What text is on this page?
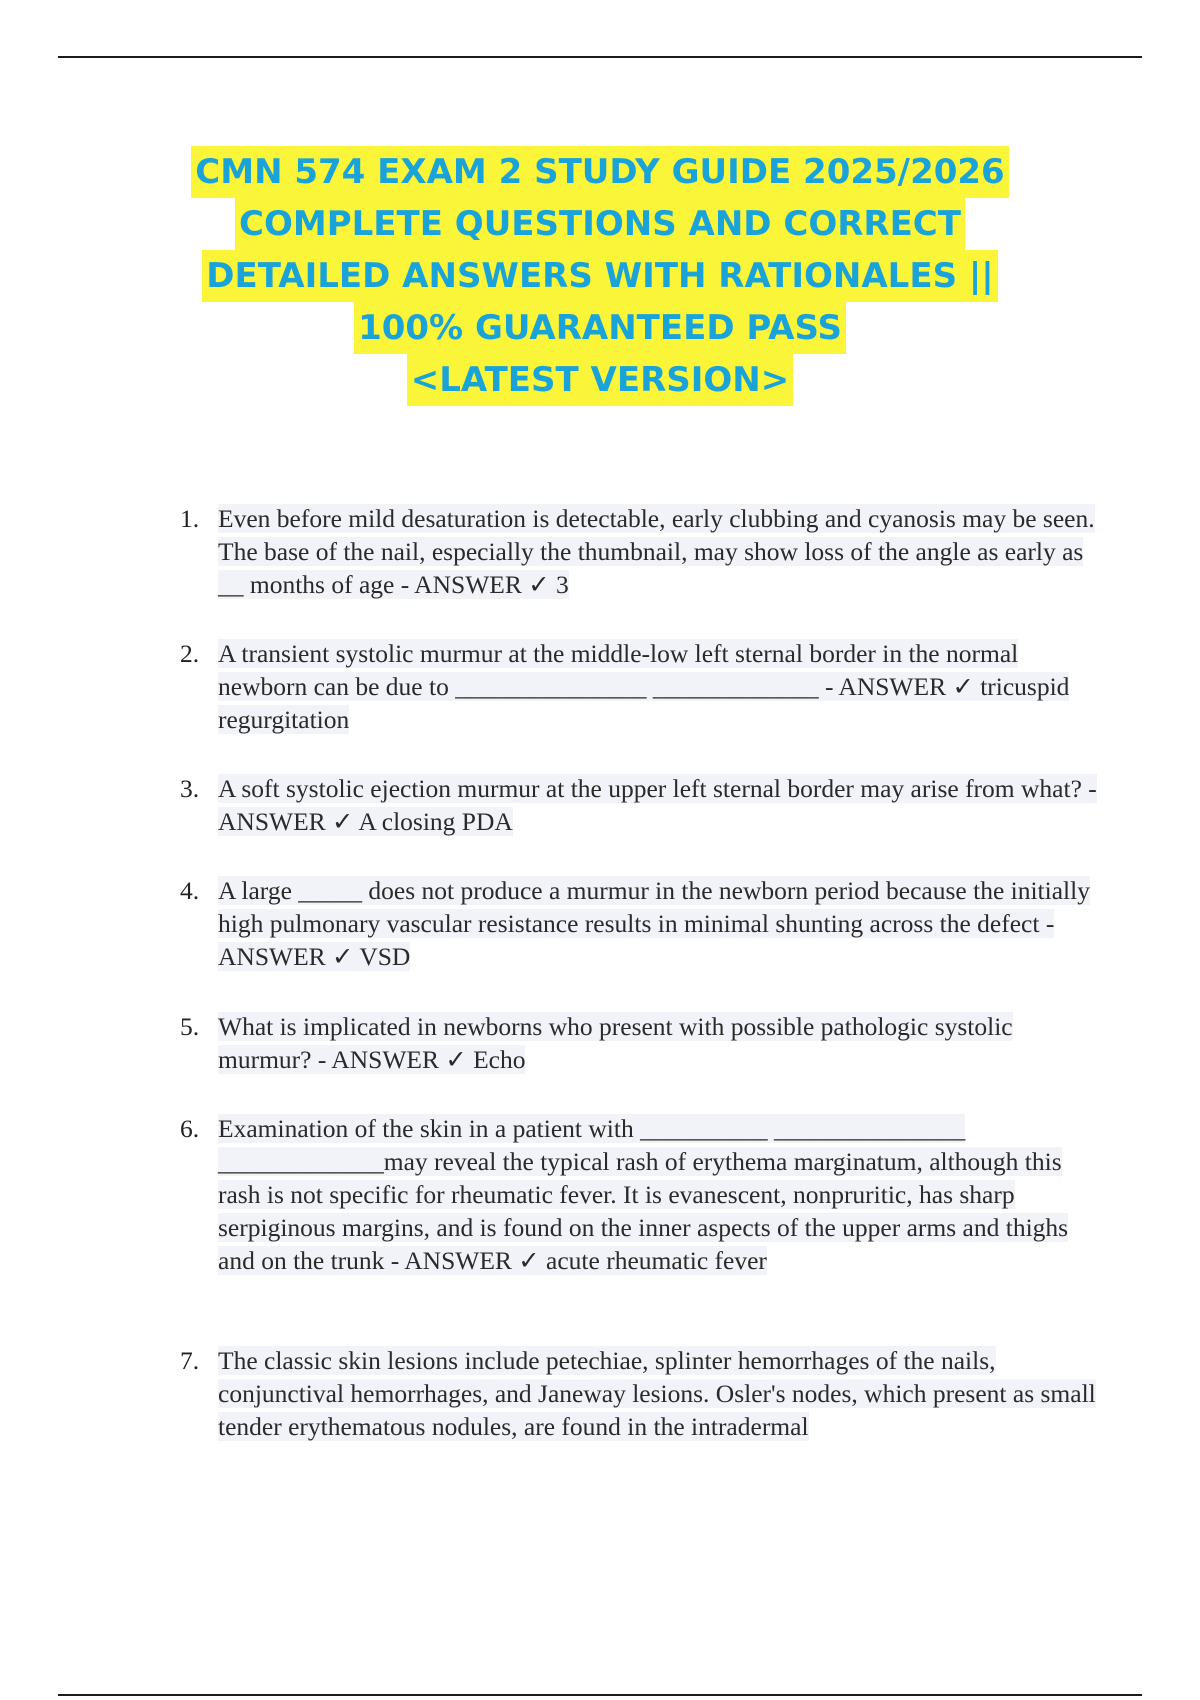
CMN 574 EXAM 2 STUDY GUIDE 2025/2026
COMPLETE QUESTIONS AND CORRECT
DETAILED ANSWERS WITH RATIONALES ||
100% GUARANTEED PASS
<LATEST VERSION>
1. Even before mild desaturation is detectable, early clubbing and cyanosis may be seen. The base of the nail, especially the thumbnail, may show loss of the angle as early as __ months of age - ANSWER ✓ 3
2. A transient systolic murmur at the middle-low left sternal border in the normal newborn can be due to _______________ _____________ - ANSWER ✓ tricuspid regurgitation
3. A soft systolic ejection murmur at the upper left sternal border may arise from what? - ANSWER ✓ A closing PDA
4. A large _____ does not produce a murmur in the newborn period because the initially high pulmonary vascular resistance results in minimal shunting across the defect - ANSWER ✓ VSD
5. What is implicated in newborns who present with possible pathologic systolic murmur? - ANSWER ✓ Echo
6. Examination of the skin in a patient with __________ _______________ _____________may reveal the typical rash of erythema marginatum, although this rash is not specific for rheumatic fever. It is evanescent, nonpruritic, has sharp serpiginous margins, and is found on the inner aspects of the upper arms and thighs and on the trunk - ANSWER ✓ acute rheumatic fever
7. The classic skin lesions include petechiae, splinter hemorrhages of the nails, conjunctival hemorrhages, and Janeway lesions. Osler's nodes, which present as small tender erythematous nodules, are found in the intradermal
